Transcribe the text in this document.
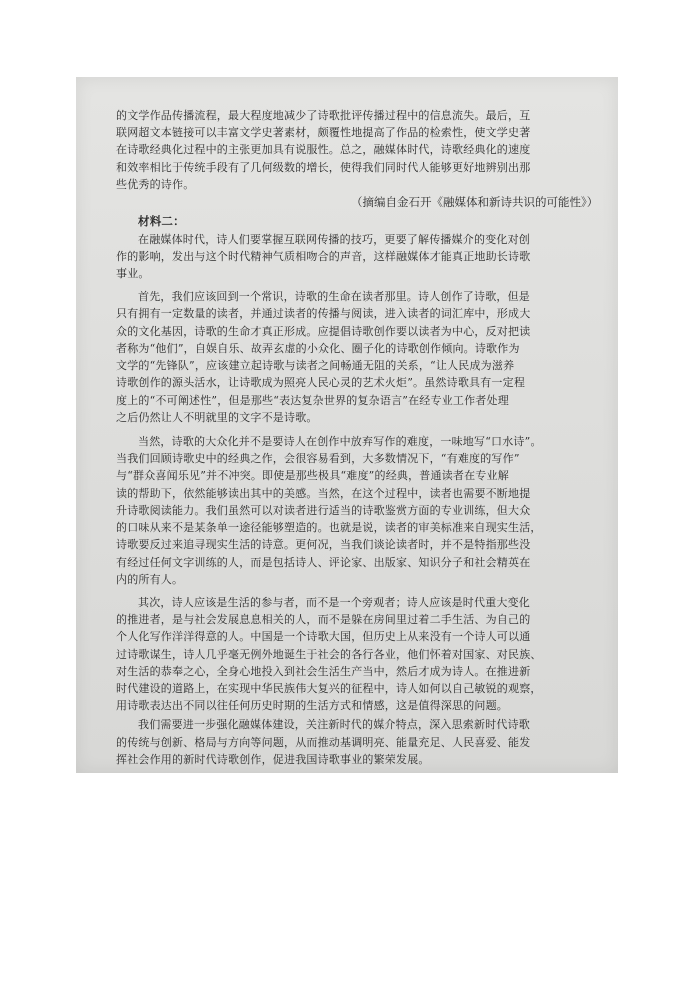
的文学作品传播流程，最大程度地减少了诗歌批评传播过程中的信息流失。最后，互
联网超文本链接可以丰富文学史著素材，颇覆性地提高了作品的检索性，使文学史著
在诗歌经典化过程中的主张更加具有说服性。总之，融媒体时代，诗歌经典化的速度
和效率相比于传统手段有了几何级数的增长，使得我们同时代人能够更好地辨别出那
些优秀的诗作。
（摘编自金石开《融媒体和新诗共识的可能性》）
材料二：
在融媒体时代，诗人们要掌握互联网传播的技巧，更要了解传播媒介的变化对创
作的影响，发出与这个时代精神气质相吻合的声音，这样融媒体才能真正地助长诗歌
事业。
首先，我们应该回到一个常识，诗歌的生命在读者那里。诗人创作了诗歌，但是
只有拥有一定数量的读者，并通过读者的传播与阅读，进入读者的词汇库中，形成大
众的文化基因，诗歌的生命才真正形成。应提倡诗歌创作要以读者为中心，反对把读
者称为“他们”，自娱自乐、故弄玄虚的小众化、圈子化的诗歌创作倾向。诗歌作为
文学的“先锋队”，应该建立起诗歌与读者之间畅通无阻的关系，“让人民成为滋养
诗歌创作的源头活水，让诗歌成为照亮人民心灵的艺术火炬”。虽然诗歌具有一定程
度上的“不可阐述性”，但是那些“表达复杂世界的复杂语言”在经专业工作者处理
之后仍然让人不明就里的文字不是诗歌。
当然，诗歌的大众化并不是要诗人在创作中放弃写作的难度，一味地写“口水诗”。
当我们回顾诗歌史中的经典之作，会很容易看到，大多数情况下，“有难度的写作”
与“群众喜闻乐见”并不冲突。即使是那些极具“难度”的经典，普通读者在专业解
读的帮助下，依然能够读出其中的美感。当然，在这个过程中，读者也需要不断地提
升诗歌阅读能力。我们虽然可以对读者进行适当的诗歌鉴赏方面的专业训练，但大众
的口味从来不是某条单一途径能够塑造的。也就是说，读者的审美标准来自现实生活，
诗歌要反过来追寻现实生活的诗意。更何况，当我们谈论读者时，并不是特指那些没
有经过任何文字训练的人，而是包括诗人、评论家、出版家、知识分子和社会精英在
内的所有人。
其次，诗人应该是生活的参与者，而不是一个旁观者；诗人应该是时代重大变化
的推进者，是与社会发展息息相关的人，而不是躲在房间里过着二手生活、为自己的
个人化写作洋洋得意的人。中国是一个诗歌大国，但历史上从来没有一个诗人可以通
过诗歌谋生，诗人几乎毫无例外地诞生于社会的各行各业，他们怀着对国家、对民族、
对生活的恭奉之心，全身心地投入到社会生活生产当中，然后才成为诗人。在推进新
时代建设的道路上，在实现中华民族伟大复兴的征程中，诗人如何以自己敏锐的观察，
用诗歌表达出不同以往任何历史时期的生活方式和情感，这是值得深思的问题。
我们需要进一步强化融媒体建设，关注新时代的媒介特点，深入思索新时代诗歌
的传统与创新、格局与方向等问题，从而推动基调明亮、能量充足、人民喜爱、能发
挥社会作用的新时代诗歌创作，促进我国诗歌事业的繁荣发展。
